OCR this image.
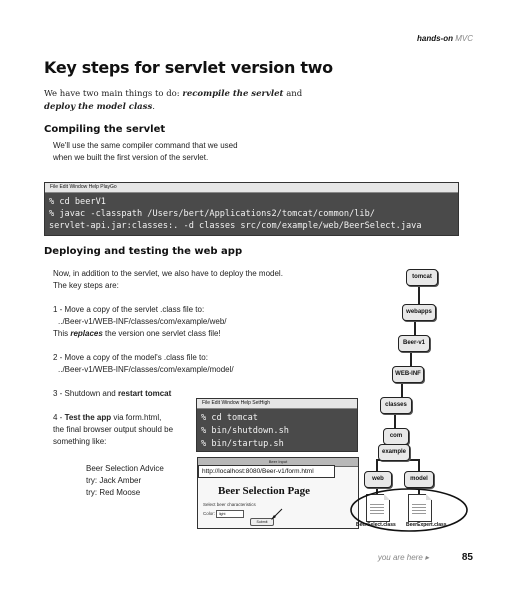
hands-on MVC
Key steps for servlet version two
We have two main things to do: recompile the servlet and
deploy the model class.
Compiling the servlet
We'll use the same compiler command that we used
when we built the first version of the servlet.
File Edit Window Help PlayGo
% cd beerV1
% javac -classpath /Users/bert/Applications2/tomcat/common/lib/
servlet-api.jar:classes:. -d classes src/com/example/web/BeerSelect.java
Deploying and testing the web app
Now, in addition to the servlet, we also have to deploy the model.
The key steps are:
1 - Move a copy of the servlet .class file to:
../Beer-v1/WEB-INF/classes/com/example/web/
This replaces the version one servlet class file!
2 - Move a copy of the model's .class file to:
../Beer-v1/WEB-INF/classes/com/example/model/
3 - Shutdown and restart tomcat
4 - Test the app via form.html,
the final browser output should be
something like:
Beer Selection Advice
try: Jack Amber
try: Red Moose
File Edit Window Help SetHigh
% cd tomcat
% bin/shutdown.sh
% bin/startup.sh
Beer Input
http://localhost:8080/Beer-v1/form.html
Beer Selection Page
Select beer characteristics
Color:	light
Submit
tomcat
webapps
Beer-v1
WEB-INF
classes
com
example
web	model
BeerSelect.class BeerExpert.class
you are here ▸	85
